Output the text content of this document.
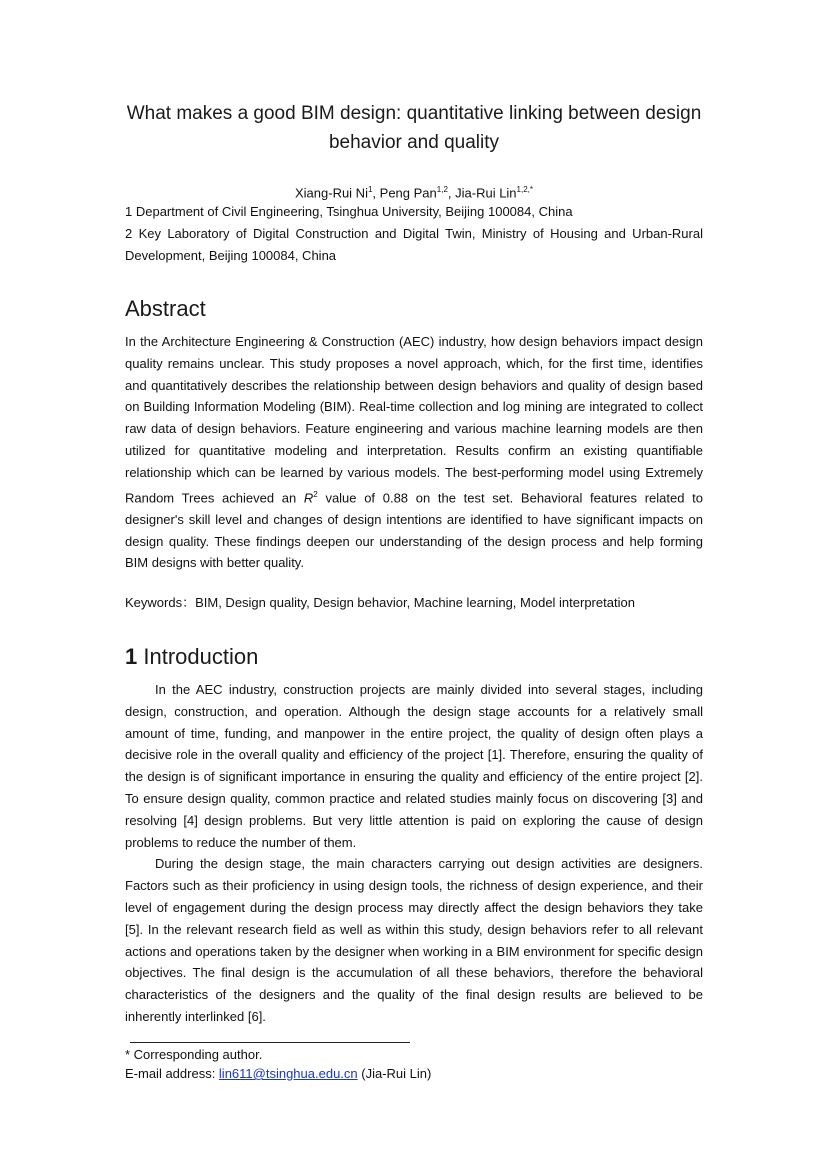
What makes a good BIM design: quantitative linking between design
behavior and quality
Xiang-Rui Ni$^1$, Peng Pan$^{1,2}$, Jia-Rui Lin$^{1,2,*}$
1 Department of Civil Engineering, Tsinghua University, Beijing 100084, China
2 Key Laboratory of Digital Construction and Digital Twin, Ministry of Housing and Urban-Rural Development, Beijing 100084, China
Abstract

In the Architecture Engineering & Construction (AEC) industry, how design behaviors impact design quality remains unclear. This study proposes a novel approach, which, for the first time, identifies and quantitatively describes the relationship between design behaviors and quality of design based on Building Information Modeling (BIM). Real-time collection and log mining are integrated to collect raw data of design behaviors. Feature engineering and various machine learning models are then utilized for quantitative modeling and interpretation. Results confirm an existing quantifiable relationship which can be learned by various models. The best-performing model using Extremely Random Trees achieved an $R^2$ value of 0.88 on the test set. Behavioral features related to designer's skill level and changes of design intentions are identified to have significant impacts on design quality. These findings deepen our understanding of the design process and help forming BIM designs with better quality.

Keywords：BIM, Design quality, Design behavior, Machine learning, Model interpretation
1 Introduction

In the AEC industry, construction projects are mainly divided into several stages, including design, construction, and operation. Although the design stage accounts for a relatively small amount of time, funding, and manpower in the entire project, the quality of design often plays a decisive role in the overall quality and efficiency of the project [1]. Therefore, ensuring the quality of the design is of significant importance in ensuring the quality and efficiency of the entire project [2]. To ensure design quality, common practice and related studies mainly focus on discovering [3] and resolving [4] design problems. But very little attention is paid on exploring the cause of design problems to reduce the number of them.

During the design stage, the main characters carrying out design activities are designers. Factors such as their proficiency in using design tools, the richness of design experience, and their level of engagement during the design process may directly affect the design behaviors they take [5]. In the relevant research field as well as within this study, design behaviors refer to all relevant actions and operations taken by the designer when working in a BIM environment for specific design objectives. The final design is the accumulation of all these behaviors, therefore the behavioral characteristics of the designers and the quality of the final design results are believed to be inherently interlinked [6].

* Corresponding author.
E-mail address: lin611@tsinghua.edu.cn (Jia-Rui Lin)
